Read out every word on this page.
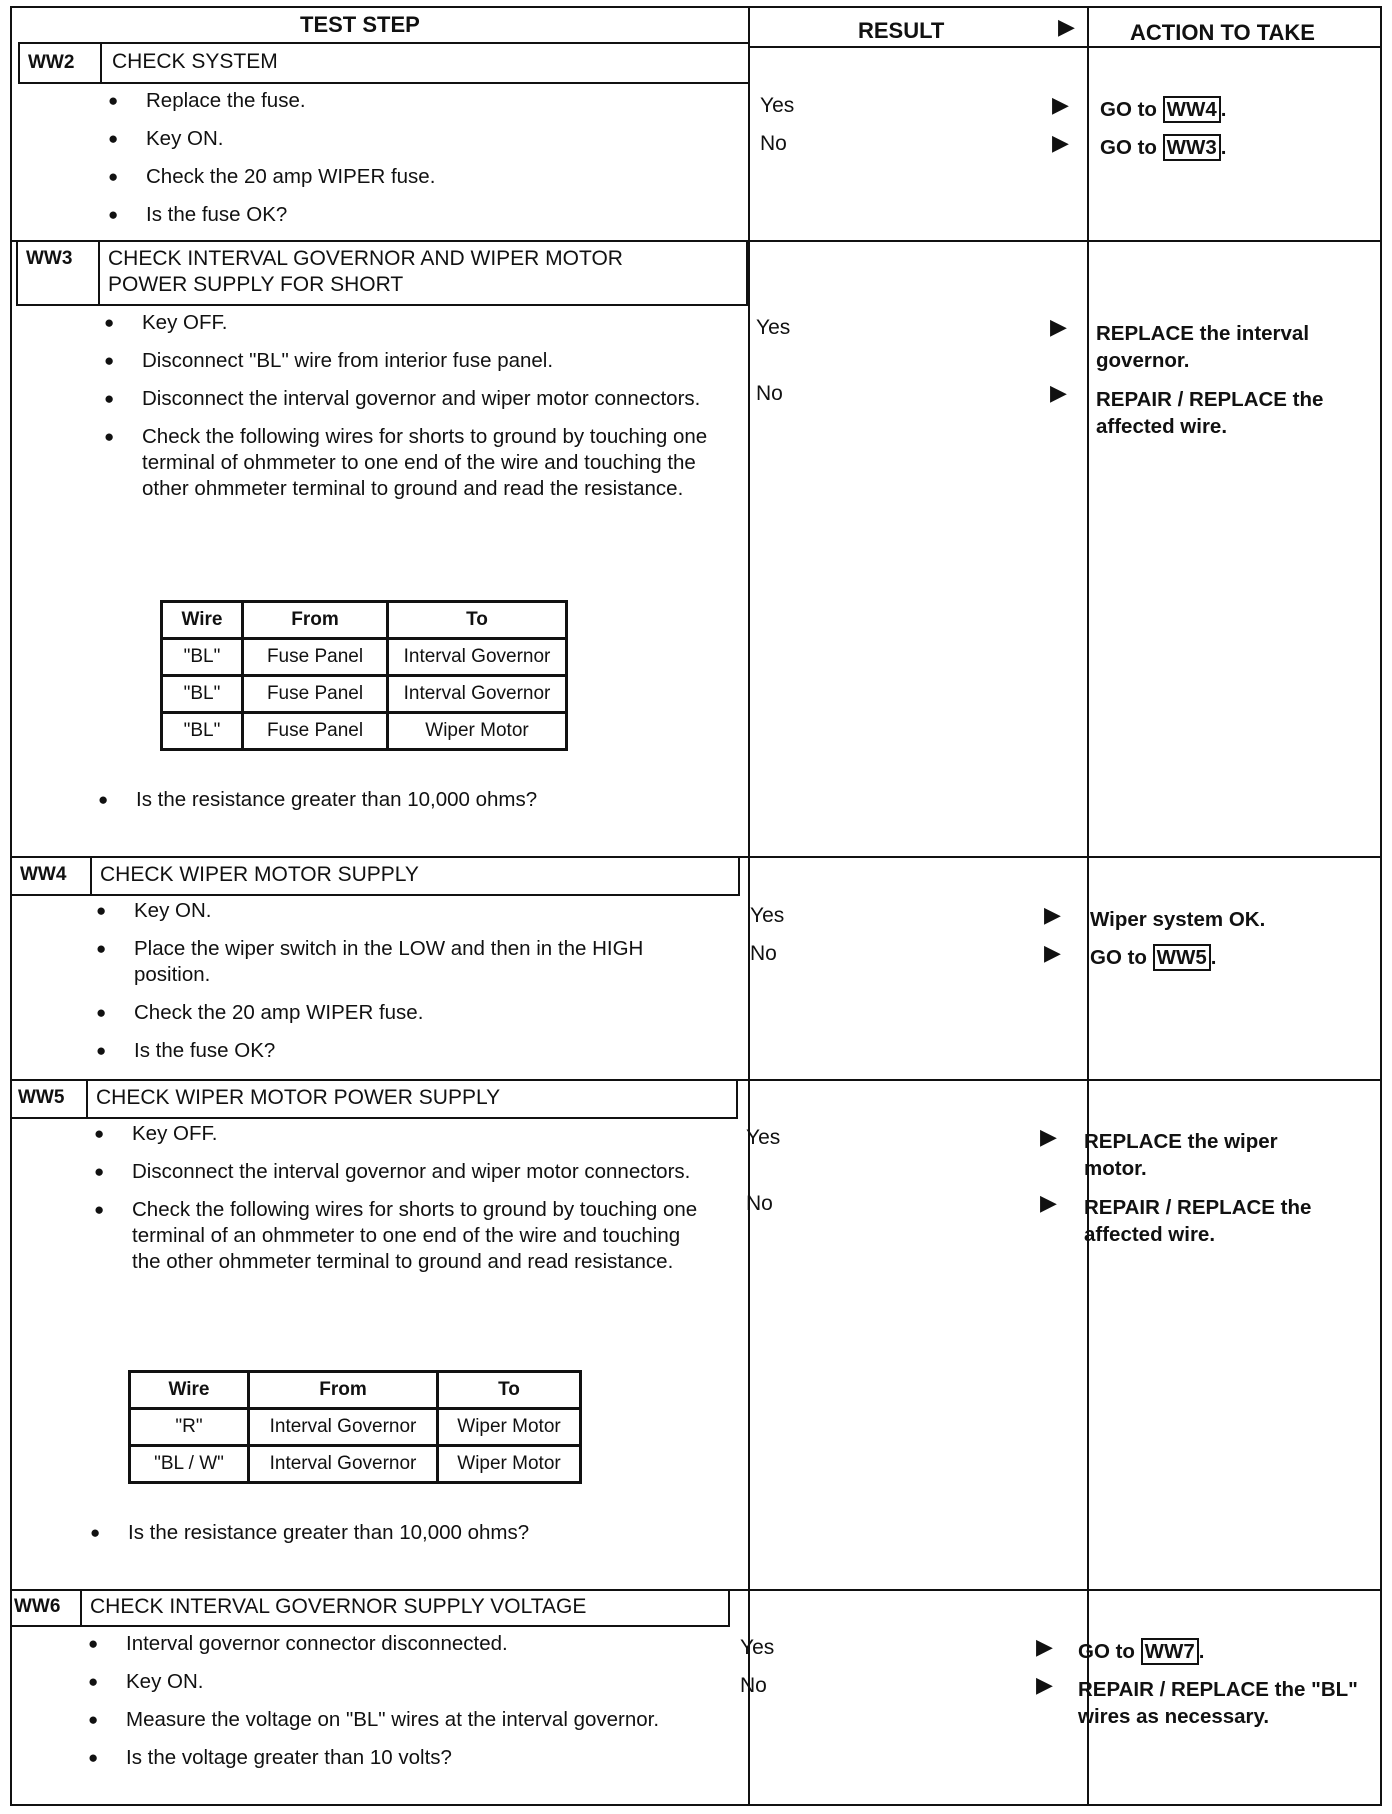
TEST STEP	RESULT	▶	ACTION TO TAKE
WW2 CHECK SYSTEM
● Replace the fuse.
● Key ON.
● Check the 20 amp WIPER fuse.
● Is the fuse OK?
Yes	▶ GO to WW4 .
No	▶ GO to WW3 .
WW3 CHECK INTERVAL GOVERNOR AND WIPER MOTOR POWER SUPPLY FOR SHORT
● Key OFF.
● Disconnect "BL" wire from interior fuse panel.
● Disconnect the interval governor and wiper motor connectors.
● Check the following wires for shorts to ground by touching one terminal of ohmmeter to one end of the wire and touching the other ohmmeter terminal to ground and read the resistance.
Wire	From	To
"BL"	Fuse Panel	Interval Governor
"BL"	Fuse Panel	Interval Governor
"BL"	Fuse Panel	Wiper Motor
● Is the resistance greater than 10,000 ohms?
Yes	▶ REPLACE the interval governor.
No	▶ REPAIR / REPLACE the affected wire.
WW4 CHECK WIPER MOTOR SUPPLY
● Key ON.
● Place the wiper switch in the LOW and then in the HIGH position.
● Check the 20 amp WIPER fuse.
● Is the fuse OK?
Yes	▶ Wiper system OK.
No	▶ GO to WW5 .
WW5 CHECK WIPER MOTOR POWER SUPPLY
● Key OFF.
● Disconnect the interval governor and wiper motor connectors.
● Check the following wires for shorts to ground by touching one terminal of an ohmmeter to one end of the wire and touching the other ohmmeter terminal to ground and read resistance.
Wire	From	To
"R"	Interval Governor	Wiper Motor
"BL / W"	Interval Governor	Wiper Motor
● Is the resistance greater than 10,000 ohms?
Yes	▶ REPLACE the wiper motor.
No	▶ REPAIR / REPLACE the affected wire.
WW6 CHECK INTERVAL GOVERNOR SUPPLY VOLTAGE
● Interval governor connector disconnected.
● Key ON.
● Measure the voltage on "BL" wires at the interval governor.
● Is the voltage greater than 10 volts?
Yes	▶ GO to WW7 .
No	▶ REPAIR / REPLACE the "BL" wires as necessary.
